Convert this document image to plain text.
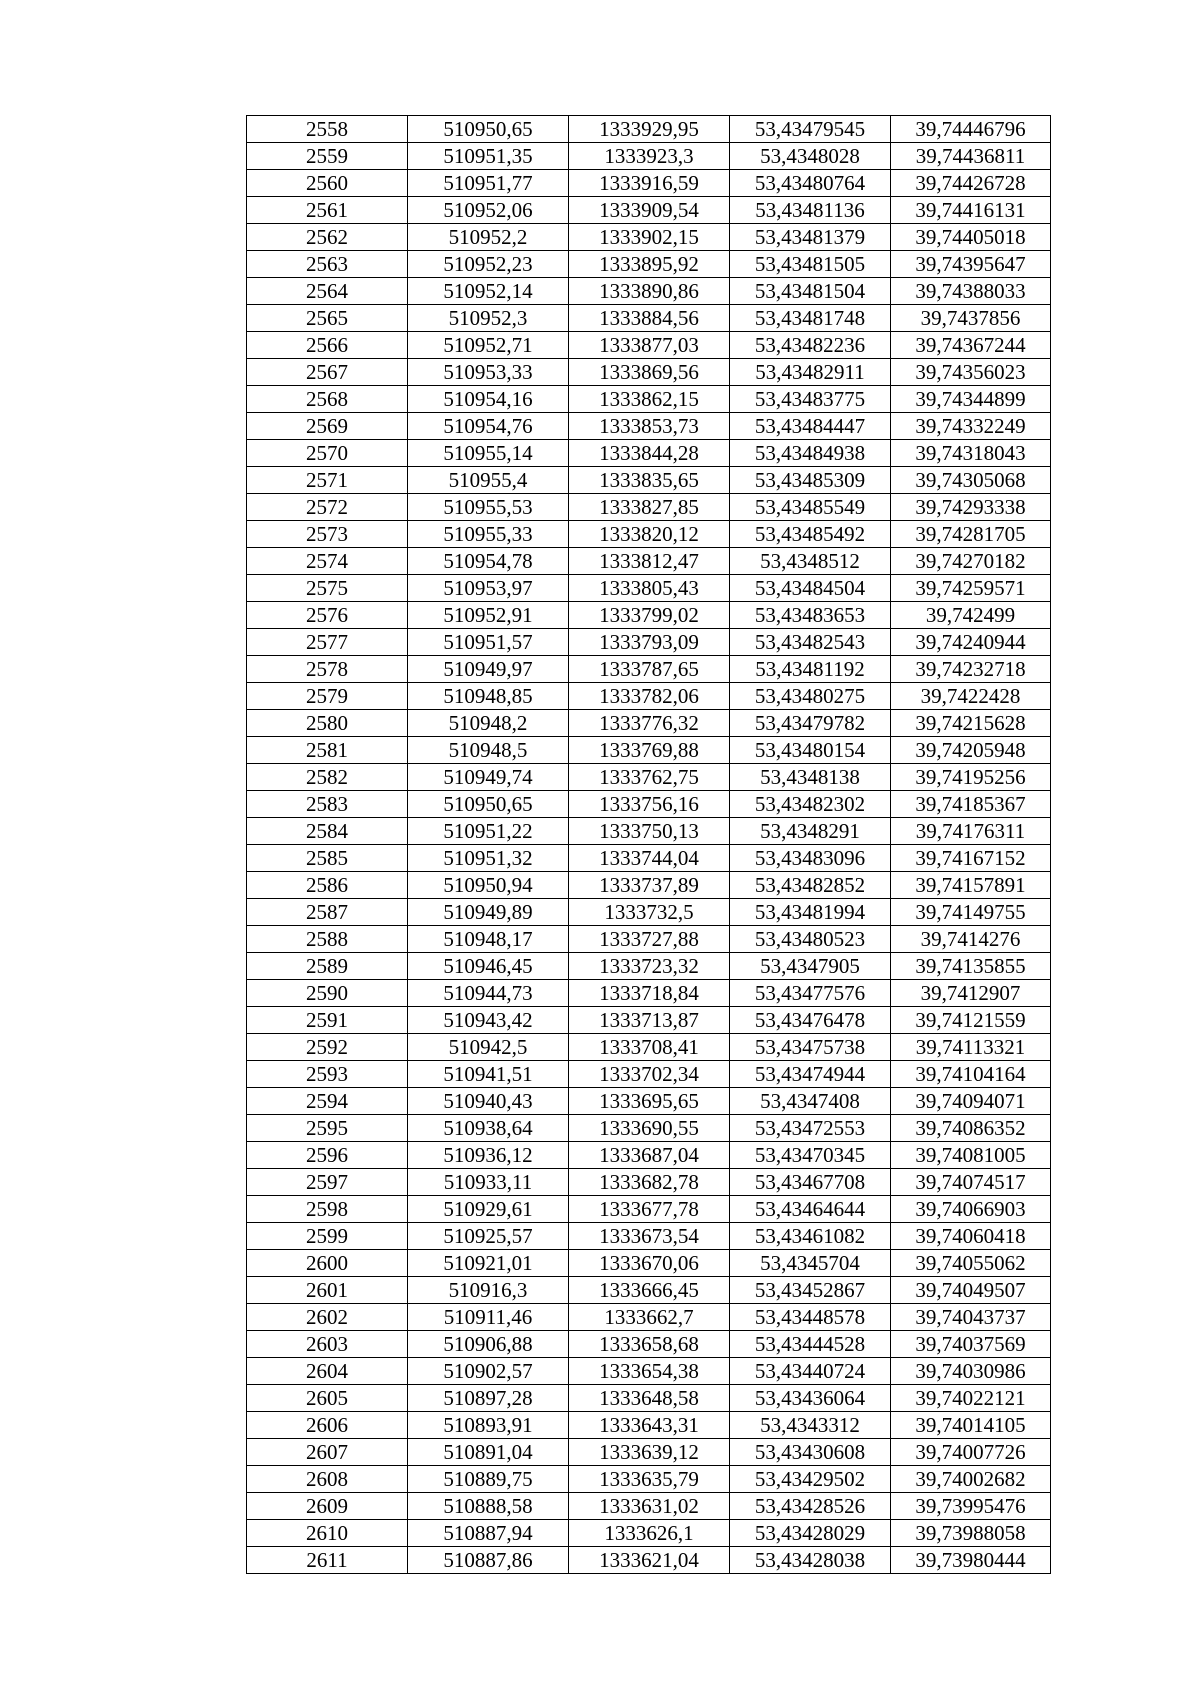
2558	510950,65	1333929,95	53,43479545	39,74446796
2559	510951,35	1333923,3	53,4348028	39,74436811
2560	510951,77	1333916,59	53,43480764	39,74426728
2561	510952,06	1333909,54	53,43481136	39,74416131
2562	510952,2	1333902,15	53,43481379	39,74405018
2563	510952,23	1333895,92	53,43481505	39,74395647
2564	510952,14	1333890,86	53,43481504	39,74388033
2565	510952,3	1333884,56	53,43481748	39,7437856
2566	510952,71	1333877,03	53,43482236	39,74367244
2567	510953,33	1333869,56	53,43482911	39,74356023
2568	510954,16	1333862,15	53,43483775	39,74344899
2569	510954,76	1333853,73	53,43484447	39,74332249
2570	510955,14	1333844,28	53,43484938	39,74318043
2571	510955,4	1333835,65	53,43485309	39,74305068
2572	510955,53	1333827,85	53,43485549	39,74293338
2573	510955,33	1333820,12	53,43485492	39,74281705
2574	510954,78	1333812,47	53,4348512	39,74270182
2575	510953,97	1333805,43	53,43484504	39,74259571
2576	510952,91	1333799,02	53,43483653	39,742499
2577	510951,57	1333793,09	53,43482543	39,74240944
2578	510949,97	1333787,65	53,43481192	39,74232718
2579	510948,85	1333782,06	53,43480275	39,7422428
2580	510948,2	1333776,32	53,43479782	39,74215628
2581	510948,5	1333769,88	53,43480154	39,74205948
2582	510949,74	1333762,75	53,4348138	39,74195256
2583	510950,65	1333756,16	53,43482302	39,74185367
2584	510951,22	1333750,13	53,4348291	39,74176311
2585	510951,32	1333744,04	53,43483096	39,74167152
2586	510950,94	1333737,89	53,43482852	39,74157891
2587	510949,89	1333732,5	53,43481994	39,74149755
2588	510948,17	1333727,88	53,43480523	39,7414276
2589	510946,45	1333723,32	53,4347905	39,74135855
2590	510944,73	1333718,84	53,43477576	39,7412907
2591	510943,42	1333713,87	53,43476478	39,74121559
2592	510942,5	1333708,41	53,43475738	39,74113321
2593	510941,51	1333702,34	53,43474944	39,74104164
2594	510940,43	1333695,65	53,4347408	39,74094071
2595	510938,64	1333690,55	53,43472553	39,74086352
2596	510936,12	1333687,04	53,43470345	39,74081005
2597	510933,11	1333682,78	53,43467708	39,74074517
2598	510929,61	1333677,78	53,43464644	39,74066903
2599	510925,57	1333673,54	53,43461082	39,74060418
2600	510921,01	1333670,06	53,4345704	39,74055062
2601	510916,3	1333666,45	53,43452867	39,74049507
2602	510911,46	1333662,7	53,43448578	39,74043737
2603	510906,88	1333658,68	53,43444528	39,74037569
2604	510902,57	1333654,38	53,43440724	39,74030986
2605	510897,28	1333648,58	53,43436064	39,74022121
2606	510893,91	1333643,31	53,4343312	39,74014105
2607	510891,04	1333639,12	53,43430608	39,74007726
2608	510889,75	1333635,79	53,43429502	39,74002682
2609	510888,58	1333631,02	53,43428526	39,73995476
2610	510887,94	1333626,1	53,43428029	39,73988058
2611	510887,86	1333621,04	53,43428038	39,73980444
